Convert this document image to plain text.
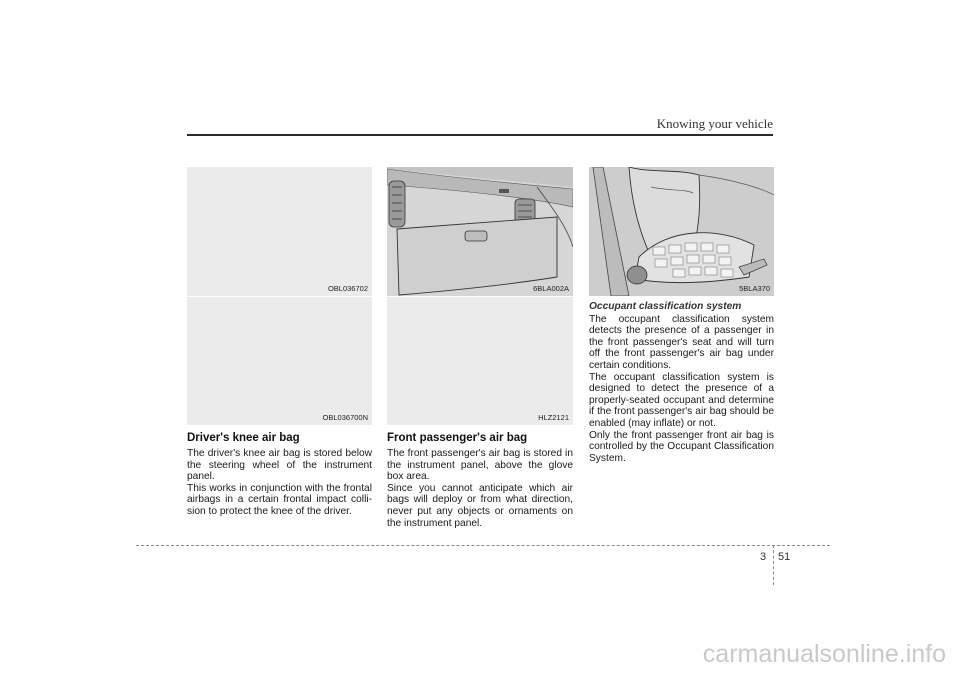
Knowing your vehicle
OBL036702
OBL036700N
6BLA002A
HLZ2121
5BLA370
Driver's knee air bag

The driver's knee air bag is stored below the steering wheel of the instrument panel.

This works in conjunction with the frontal airbags in a certain frontal impact colli-sion to protect the knee of the driver.

Front passenger's air bag

The front passenger's air bag is stored in the instrument panel, above the glove box area.

Since you cannot anticipate which air bags will deploy or from what direction, never put any objects or ornaments on the instrument panel.

Occupant classification system

The occupant classification system detects the presence of a passenger in the front passenger's seat and will turn off the front passenger's air bag under certain conditions.

The occupant classification system is designed to detect the presence of a properly-seated occupant and determine if the front passenger's air bag should be enabled (may inflate) or not.

Only the front passenger front air bag is controlled by the Occupant Classification System.

3 51
carmanualsonline.info
